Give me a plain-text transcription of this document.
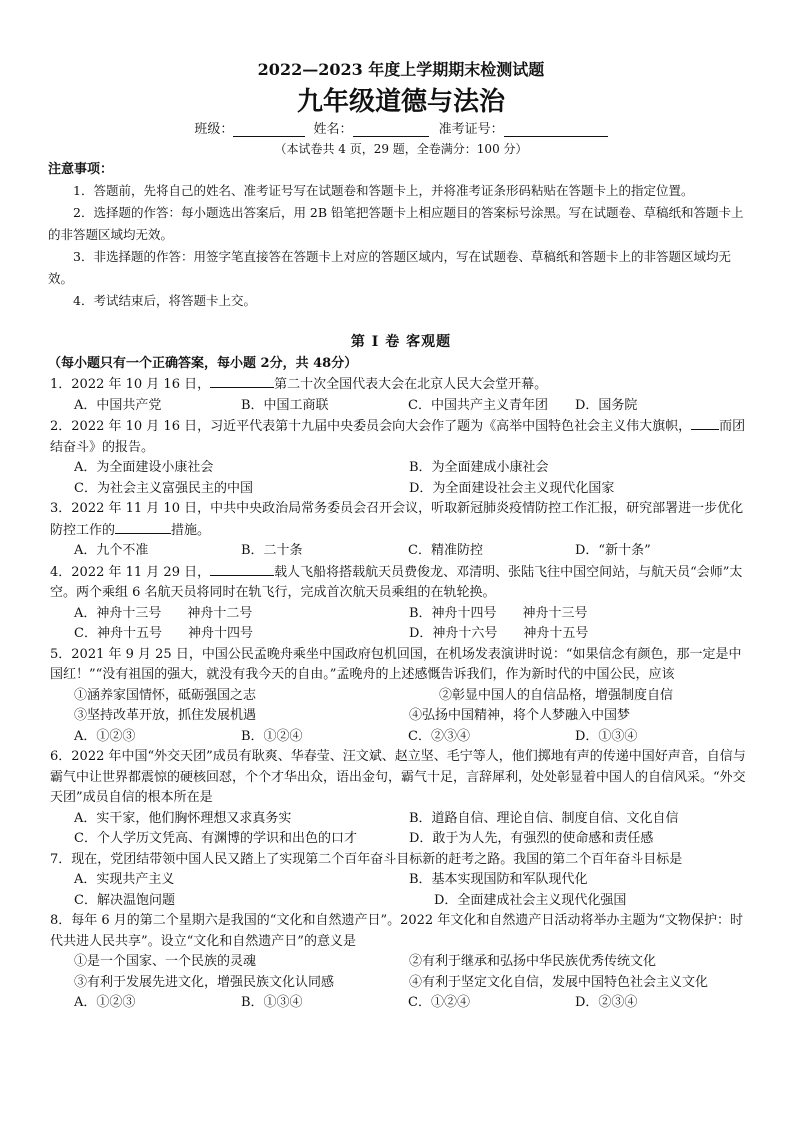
2022—2023 年度上学期期末检测试题
九年级道德与法治
班级：	姓名：	准考证号：
（本试卷共 4 页，29 题，全卷满分：100 分）
注意事项：
1．答题前，先将自己的姓名、准考证号写在试题卷和答题卡上，并将准考证条形码粘贴在答题卡上的指定位置。
2．选择题的作答：每小题选出答案后，用 2B 铅笔把答题卡上相应题目的答案标号涂黑。写在试题卷、草稿纸和答题卡上的非答题区域均无效。
3．非选择题的作答：用签字笔直接答在答题卡上对应的答题区域内，写在试题卷、草稿纸和答题卡上的非答题区域均无效。
4．考试结束后，将答题卡上交。
第 I 卷 客观题
（每小题只有一个正确答案，每小题 2分，共 48分）
1．2022 年 10 月 16 日，	第二十次全国代表大会在北京人民大会堂开幕。
A．中国共产党	B．中国工商联	C．中国共产主义青年团	D．国务院
2．2022 年 10 月 16 日，习近平代表第十九届中央委员会向大会作了题为《高举中国特色社会主义伟大旗帜， 而团结奋斗》的报告。
A．为全面建设小康社会	B．为全面建成小康社会
C．为社会主义富强民主的中国	D．为全面建设社会主义现代化国家
3．2022 年 11 月 10 日，中共中央政治局常务委员会召开会议，听取新冠肺炎疫情防控工作汇报，研究部署进一步优化防控工作的	措施。
A．九个不准	B．二十条	C．精准防控	D．“新十条”
4．2022 年 11 月 29 日，	载人飞船将搭载航天员费俊龙、邓清明、张陆飞往中国空间站，与航天员“会师”太空。两个乘组 6 名航天员将同时在轨飞行，完成首次航天员乘组的在轨轮换。
A．神舟十三号　　神舟十二号	B．神舟十四号　　神舟十三号
C．神舟十五号　　神舟十四号	D．神舟十六号　　神舟十五号
5．2021 年 9 月 25 日，中国公民孟晚舟乘坐中国政府包机回国，在机场发表演讲时说：“如果信念有颜色，那一定是中国红！”“没有祖国的强大，就没有我今天的自由。”孟晚舟的上述感慨告诉我们，作为新时代的中国公民，应该
①涵养家国情怀，砥砺强国之志	②彰显中国人的自信品格，增强制度自信
③坚持改革开放，抓住发展机遇	④弘扬中国精神，将个人梦融入中国梦
A．①②③	B．①②④	C．②③④	D．①③④
6．2022 年中国“外交天团”成员有耿爽、华春莹、汪文斌、赵立坚、毛宁等人，他们掷地有声的传递中国好声音，自信与霸气中让世界都震惊的硬核回怼，个个才华出众，语出金句，霸气十足，言辞犀利，处处彰显着中国人的自信风采。“外交天团”成员自信的根本所在是
A．实干家，他们胸怀理想又求真务实	B．道路自信、理论自信、制度自信、文化自信
C．个人学历文凭高、有渊博的学识和出色的口才	D．敢于为人先，有强烈的使命感和责任感
7．现在，党团结带领中国人民又踏上了实现第二个百年奋斗目标新的赶考之路。我国的第二个百年奋斗目标是
A．实现共产主义	B．基本实现国防和军队现代化
C．解决温饱问题	D．全面建成社会主义现代化强国
8．每年 6 月的第二个星期六是我国的“文化和自然遗产日”。2022 年文化和自然遗产日活动将举办主题为“文物保护：时代共进人民共享”。设立“文化和自然遗产日”的意义是
①是一个国家、一个民族的灵魂	②有利于继承和弘扬中华民族优秀传统文化
③有利于发展先进文化，增强民族文化认同感	④有利于坚定文化自信，发展中国特色社会主义文化
A．①②③	B．①③④	C．①②④	D．②③④
